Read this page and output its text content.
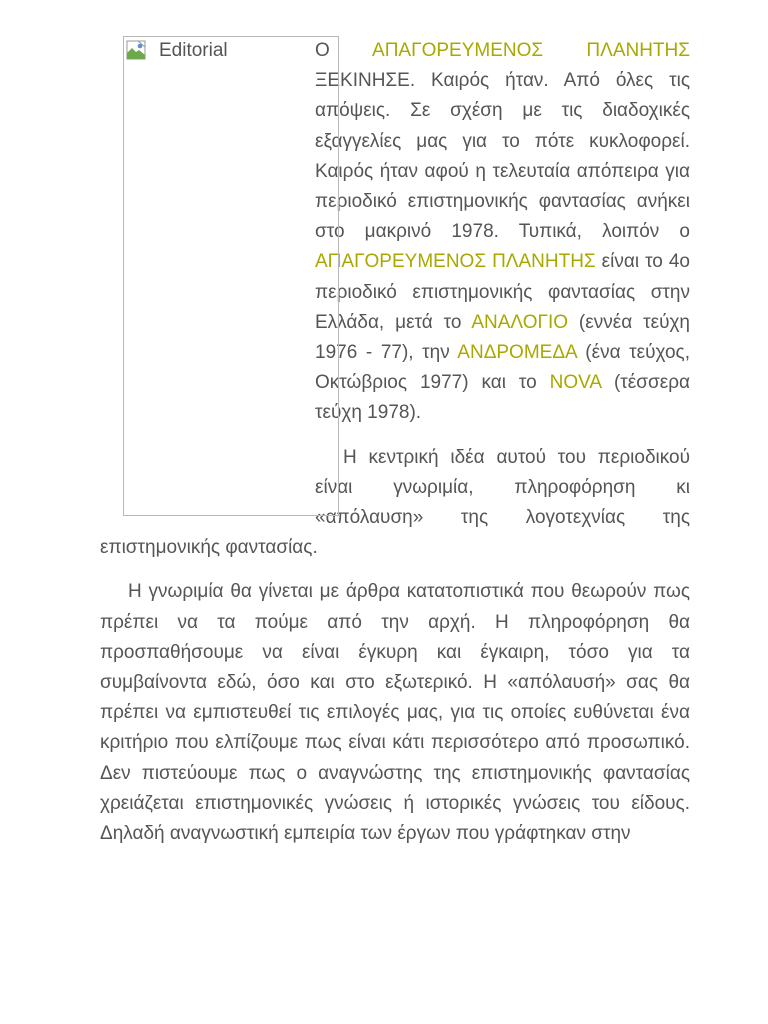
Editorial	Ο ΑΠΑΓΟΡΕΥΜΕΝΟΣ ΠΛΑΝΗΤΗΣ ΞΕΚΙΝΗΣΕ. Καιρός ήταν. Από όλες τις απόψεις. Σε σχέση με τις διαδοχικές εξαγγελίες μας για το πότε κυκλοφορεί. Καιρός ήταν αφού η τελευταία απόπειρα για περιοδικό επιστημονικής φαντασίας ανήκει στο μακρινό 1978. Τυπικά, λοιπόν ο ΑΠΑΓΟΡΕΥΜΕΝΟΣ ΠΛΑΝΗΤΗΣ είναι το 4ο περιοδικό επιστημονικής φαντασίας στην Ελλάδα, μετά το ΑΝΑΛΟΓΙΟ (εννέα τεύχη 1976 - 77), την ΑΝΔΡΟΜΕΔΑ (ένα τεύχος, Οκτώβριος 1977) και το NOVA (τέσσερα τεύχη 1978).

Η κεντρική ιδέα αυτού του περιοδικού είναι γνωριμία, πληροφόρηση κι «απόλαυση» της λογοτεχνίας της επιστημονικής φαντασίας.

Η γνωριμία θα γίνεται με άρθρα κατατοπιστικά που θεωρούν πως πρέπει να τα πούμε από την αρχή. Η πληροφόρηση θα προσπαθήσουμε να είναι έγκυρη και έγκαιρη, τόσο για τα συμβαίνοντα εδώ, όσο και στο εξωτερικό. Η «απόλαυσή» σας θα πρέπει να εμπιστευθεί τις επιλογές μας, για τις οποίες ευθύνεται ένα κριτήριο που ελπίζουμε πως είναι κάτι περισσότερο από προσωπικό. Δεν πιστεύουμε πως ο αναγνώστης της επιστημονικής φαντασίας χρειάζεται επιστημονικές γνώσεις ή ιστορικές γνώσεις του είδους. Δηλαδή αναγνωστική εμπειρία των έργων που γράφτηκαν στην
